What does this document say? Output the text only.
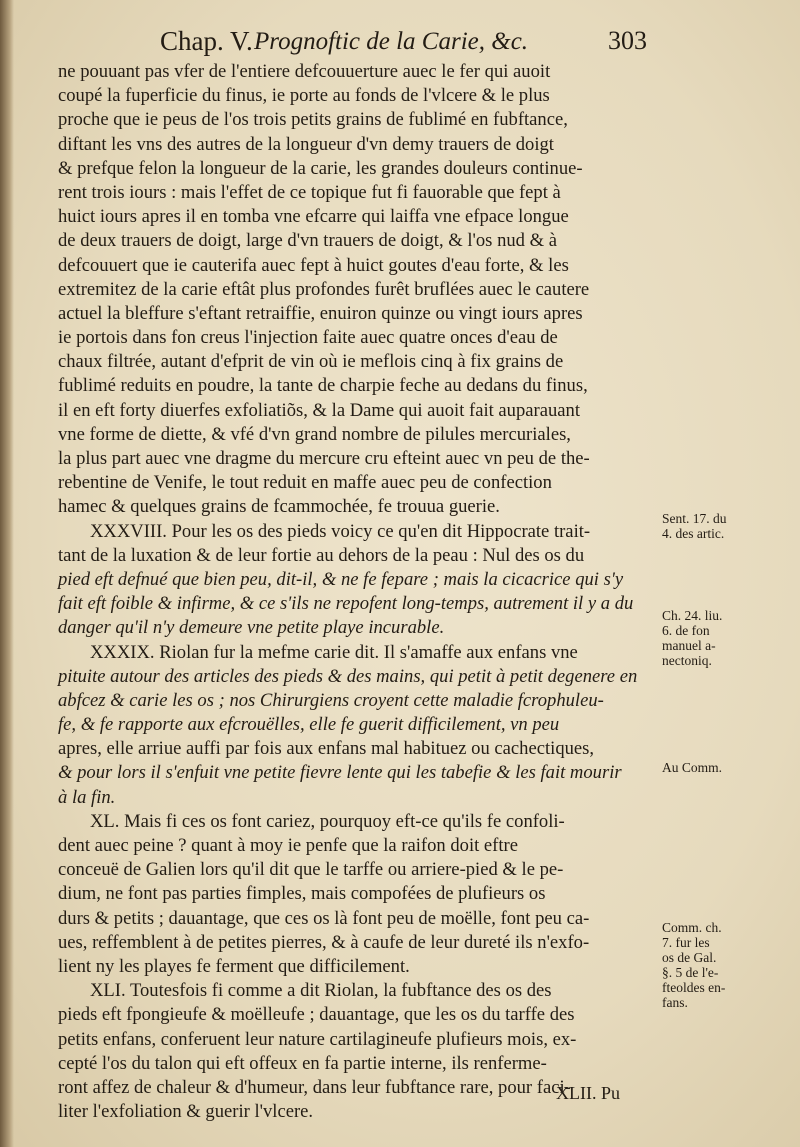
Chap. V. Prognoftic de la Carie, &c.	303
ne pouuant pas vfer de l'entiere defcouuerture auec le fer qui auoit
coupé la fuperficie du finus, ie porte au fonds de l'vlcere & le plus
proche que ie peus de l'os trois petits grains de fublimé en fubftance,
diftant les vns des autres de la longueur d'vn demy trauers de doigt
& prefque felon la longueur de la carie, les grandes douleurs continue-
rent trois iours : mais l'effet de ce topique fut fi fauorable que fept à
huict iours apres il en tomba vne efcarre qui laiffa vne efpace longue
de deux trauers de doigt, large d'vn trauers de doigt, & l'os nud & à
defcouuert que ie cauterifa auec fept à huict goutes d'eau forte, & les
extremitez de la carie eftât plus profondes furêt bruflées auec le cautere
actuel la bleffure s'eftant retraiffie, enuiron quinze ou vingt iours apres
ie portois dans fon creus l'injection faite auec quatre onces d'eau de
chaux filtrée, autant d'efprit de vin où ie meflois cinq à fix grains de
fublimé reduits en poudre, la tante de charpie feche au dedans du finus,
il en eft forty diuerfes exfoliatiõs, & la Dame qui auoit fait auparauant
vne forme de diette, & vfé d'vn grand nombre de pilules mercuriales,
la plus part auec vne dragme du mercure cru efteint auec vn peu de the-
rebentine de Venife, le tout reduit en maffe auec peu de confection
hamec & quelques grains de fcammochée, fe trouua guerie.
XXXVIII. Pour les os des pieds voicy ce qu'en dit Hippocrate trait-
tant de la luxation & de leur fortie au dehors de la peau : Nul des os du
pied eft defnué que bien peu, dit-il, & ne fe fepare ; mais la cicacrice qui s'y
fait eft foible & infirme, & ce s'ils ne repofent long-temps, autrement il y a du
danger qu'il n'y demeure vne petite playe incurable.
XXXIX. Riolan fur la mefme carie dit. Il s'amaffe aux enfans vne
pituite autour des articles des pieds & des mains, qui petit à petit degenere en
abfcez & carie les os ; nos Chirurgiens croyent cette maladie fcrophuleu-
fe, & fe rapporte aux efcrouëlles, elle fe guerit difficilement, vn peu
apres, elle arriue auffi par fois aux enfans mal habituez ou cachectiques,
& pour lors il s'enfuit vne petite fievre lente qui les tabefie & les fait mourir
à la fin.
XL. Mais fi ces os font cariez, pourquoy eft-ce qu'ils fe confoli-
dent auec peine ? quant à moy ie penfe que la raifon doit eftre
conceuë de Galien lors qu'il dit que le tarffe ou arriere-pied & le pe-
dium, ne font pas parties fimples, mais compofées de plufieurs os
durs & petits ; dauantage, que ces os là font peu de moëlle, font peu ca-
ues, reffemblent à de petites pierres, & à caufe de leur dureté ils n'exfo-
lient ny les playes fe ferment que difficilement.
XLI. Toutesfois fi comme a dit Riolan, la fubftance des os des
pieds eft fpongieufe & moëlleufe ; dauantage, que les os du tarffe des
petits enfans, conferuent leur nature cartilagineufe plufieurs mois, ex-
cepté l'os du talon qui eft offeux en fa partie interne, ils renferme-
ront affez de chaleur & d'humeur, dans leur fubftance rare, pour faci-
liter l'exfoliation & guerir l'vlcere.
Sent. 17. du
4. des artic.
Ch. 24. liu.
6. de fon
manuel a-
nectoniq.
Au Comm.
Comm. ch.
7. fur les
os de Gal.
§. 5 de l'e-
fteoldes en-
fans.
XLII. Pu
